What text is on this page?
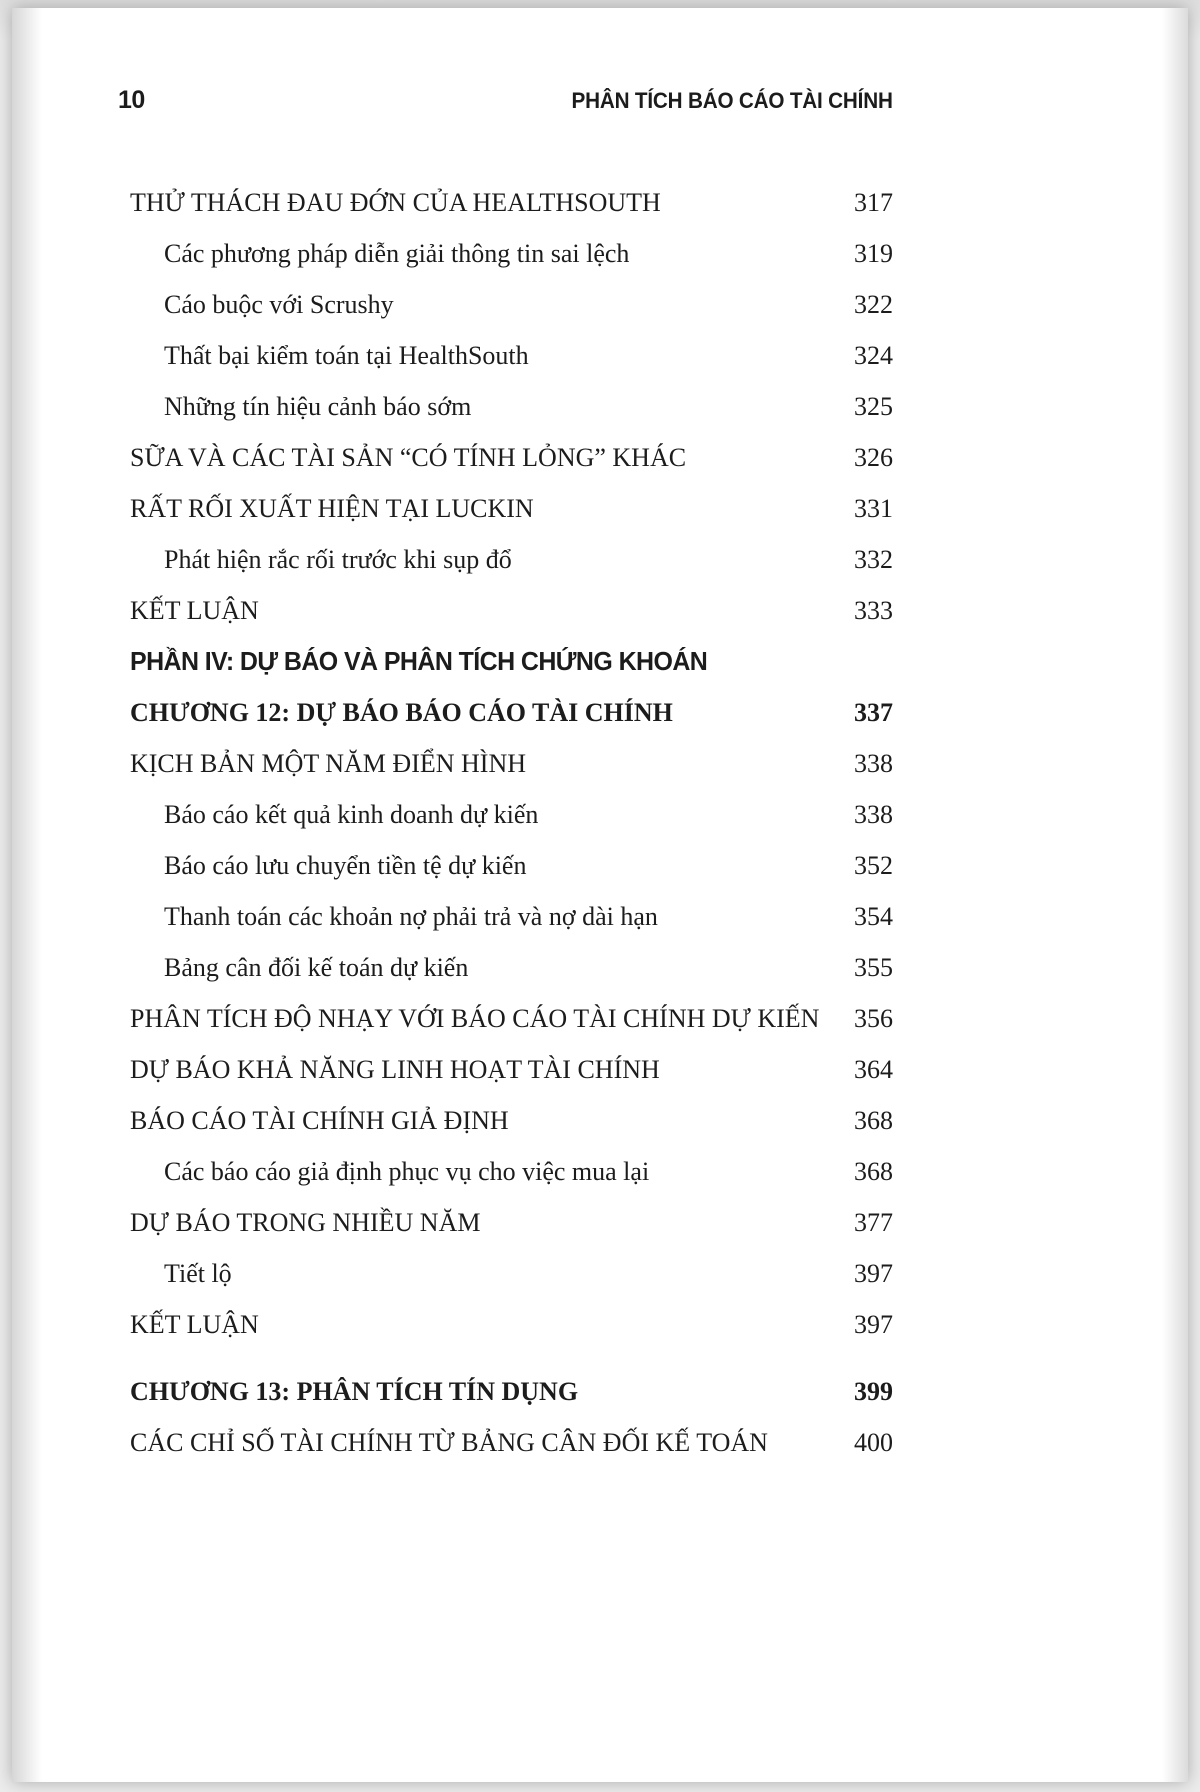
10	PHÂN TÍCH BÁO CÁO TÀI CHÍNH
THỬ THÁCH ĐAU ĐỚN CỦA HEALTHSOUTH	317
Các phương pháp diễn giải thông tin sai lệch	319
Cáo buộc với Scrushy	322
Thất bại kiểm toán tại HealthSouth	324
Những tín hiệu cảnh báo sớm	325
SỮA VÀ CÁC TÀI SẢN “CÓ TÍNH LỎNG” KHÁC	326
RẤT RỐI XUẤT HIỆN TẠI LUCKIN	331
Phát hiện rắc rối trước khi sụp đổ	332
KẾT LUẬN	333
PHẦN IV: DỰ BÁO VÀ PHÂN TÍCH CHỨNG KHOÁN
CHƯƠNG 12: DỰ BÁO BÁO CÁO TÀI CHÍNH	337
KỊCH BẢN MỘT NĂM ĐIỂN HÌNH	338
Báo cáo kết quả kinh doanh dự kiến	338
Báo cáo lưu chuyển tiền tệ dự kiến	352
Thanh toán các khoản nợ phải trả và nợ dài hạn	354
Bảng cân đối kế toán dự kiến	355
PHÂN TÍCH ĐỘ NHẠY VỚI BÁO CÁO TÀI CHÍNH DỰ KIẾN	356
DỰ BÁO KHẢ NĂNG LINH HOẠT TÀI CHÍNH	364
BÁO CÁO TÀI CHÍNH GIẢ ĐỊNH	368
Các báo cáo giả định phục vụ cho việc mua lại	368
DỰ BÁO TRONG NHIỀU NĂM	377
Tiết lộ	397
KẾT LUẬN	397
CHƯƠNG 13: PHÂN TÍCH TÍN DỤNG	399
CÁC CHỈ SỐ TÀI CHÍNH TỪ BẢNG CÂN ĐỐI KẾ TOÁN	400
